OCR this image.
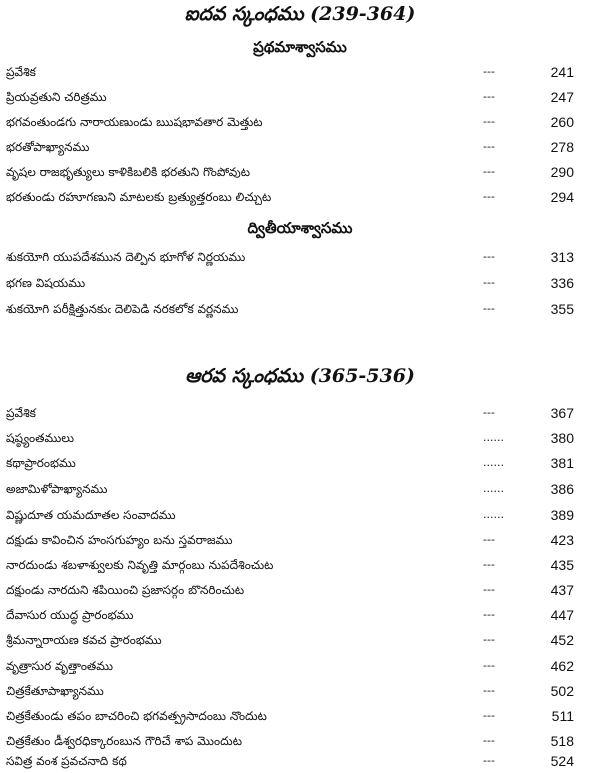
ఐదవ స్కంధము (239-364)
ప్రథమాశ్వాసము
ప్రవేశిక	---	241
ప్రియవ్రతుని చరిత్రము	---	247
భగవంతుండగు నారాయణుండు ఋషభావతార మెత్తుట	---	260
భరతోపాఖ్యానము	---	278
వృషల రాజభృత్యులు కాళికిబలికి భరతుని గొంపోవుట	---	290
భరతుండు రహూగణుని మాటలకు బ్రత్యుత్తరంబు లిచ్చుట	---	294
ద్వితీయాశ్వాసము
శుకయోగి యుపదేశమున దెల్పిన భూగోళ నిర్ణయము	---	313
భగణ విషయము	---	336
శుకయోగి పరీక్షిత్తునకుఁ దెలిపెడి నరకలోక వర్ణనము	---	355
ఆరవ స్కంధము (365-536)
ప్రవేశిక	---	367
షష్ఠ్యంతములు	......	380
కథాప్రారంభము	......	381
అజామిళోపాఖ్యానము	......	386
విష్ణుదూత యమదూతల సంవాదము	......	389
దక్షుడు కావించిన హంసగుహ్యం బను స్తవరాజము	---	423
నారదుండు శబళాశ్వులకు నివృత్తి మార్గంబు నుపదేశించుట	---	435
దక్షుండు నారదుని శపియించి ప్రజాసర్గం బొనరించుట	---	437
దేవాసుర యుద్ధ ప్రారంభము	---	447
శ్రీమన్నారాయణ కవచ ప్రారంభము	---	452
వృత్రాసుర వృత్తాంతము	---	462
చిత్రకేతూపాఖ్యానము	---	502
చిత్రకేతుండు తపం బాచరించి భగవత్ప్రసాదంబు నొందుట	---	511
చిత్రకేతుం డీశ్వరధిక్కారంబున గౌరిచే శాప మొందుట	---	518
సవిత్ర వంశ ప్రవచనాది కథ	---	524
